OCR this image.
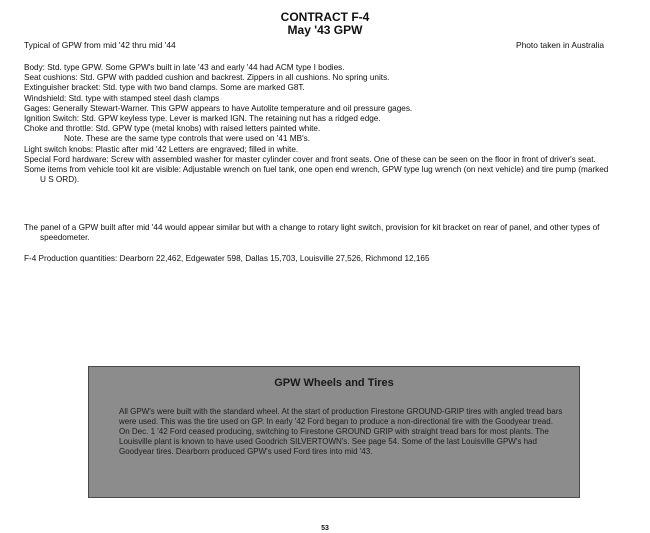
CONTRACT F-4
May '43 GPW
Typical of GPW from mid '42 thru mid '44	Photo taken in Australia

Body: Std. type GPW. Some GPW's built in late '43 and early '44 had ACM type I bodies.

Seat cushions: Std. GPW with padded cushion and backrest. Zippers in all cushions. No spring units.

Extinguisher bracket: Std. type with two band clamps. Some are marked G8T.

Windshield: Std. type with stamped steel dash clamps

Gages: Generally Stewart-Warner. This GPW appears to have Autolite temperature and oil pressure gages.

Ignition Switch: Std. GPW keyless type. Lever is marked IGN. The retaining nut has a ridged edge.

Choke and throttle: Std. GPW type (metal knobs) with raised letters painted white.

Note. These are the same type controls that were used on '41 MB's.

Light switch knobs: Plastic after mid '42 Letters are engraved; filled in white.

Special Ford hardware: Screw with assembled washer for master cylinder cover and front seats. One of these can be seen on the floor in front of driver's seat.

Some items from vehicle tool kit are visible: Adjustable wrench on fuel tank, one open end wrench, GPW type lug wrench (on next vehicle) and tire pump (marked U S ORD).

The panel of a GPW built after mid '44 would appear similar but with a change to rotary light switch, provision for kit bracket on rear of panel, and other types of speedometer.
F-4 Production quantities: Dearborn 22,462, Edgewater 598, Dallas 15,703, Louisville 27,526, Richmond 12,165
GPW Wheels and Tires

All GPW's were built with the standard wheel. At the start of production Firestone GROUND-GRIP tires with angled tread bars were used. This was the tire used on GP. In early '42 Ford began to produce a non-directional tire with the Goodyear tread. On Dec. 1 '42 Ford ceased producing, switching to Firestone GROUND GRIP with straight tread bars for most plants. The Louisville plant is known to have used Goodrich SILVERTOWN's. See page 54. Some of the last Louisville GPW's had Goodyear tires. Dearborn produced GPW's used Ford tires into mid '43.

53
